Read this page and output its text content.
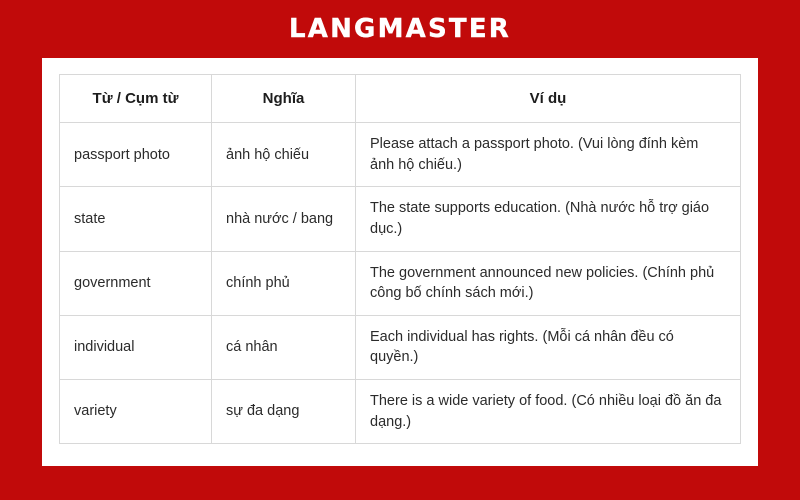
LANGMASTER
Từ / Cụm từ	Nghĩa	Ví dụ
passport photo	ảnh hộ chiếu	Please attach a passport photo. (Vui lòng đính kèm ảnh hộ chiếu.)
state	nhà nước / bang	The state supports education. (Nhà nước hỗ trợ giáo dục.)
government	chính phủ	The government announced new policies. (Chính phủ công bố chính sách mới.)
individual	cá nhân	Each individual has rights. (Mỗi cá nhân đều có quyền.)
variety	sự đa dạng	There is a wide variety of food. (Có nhiều loại đồ ăn đa dạng.)
